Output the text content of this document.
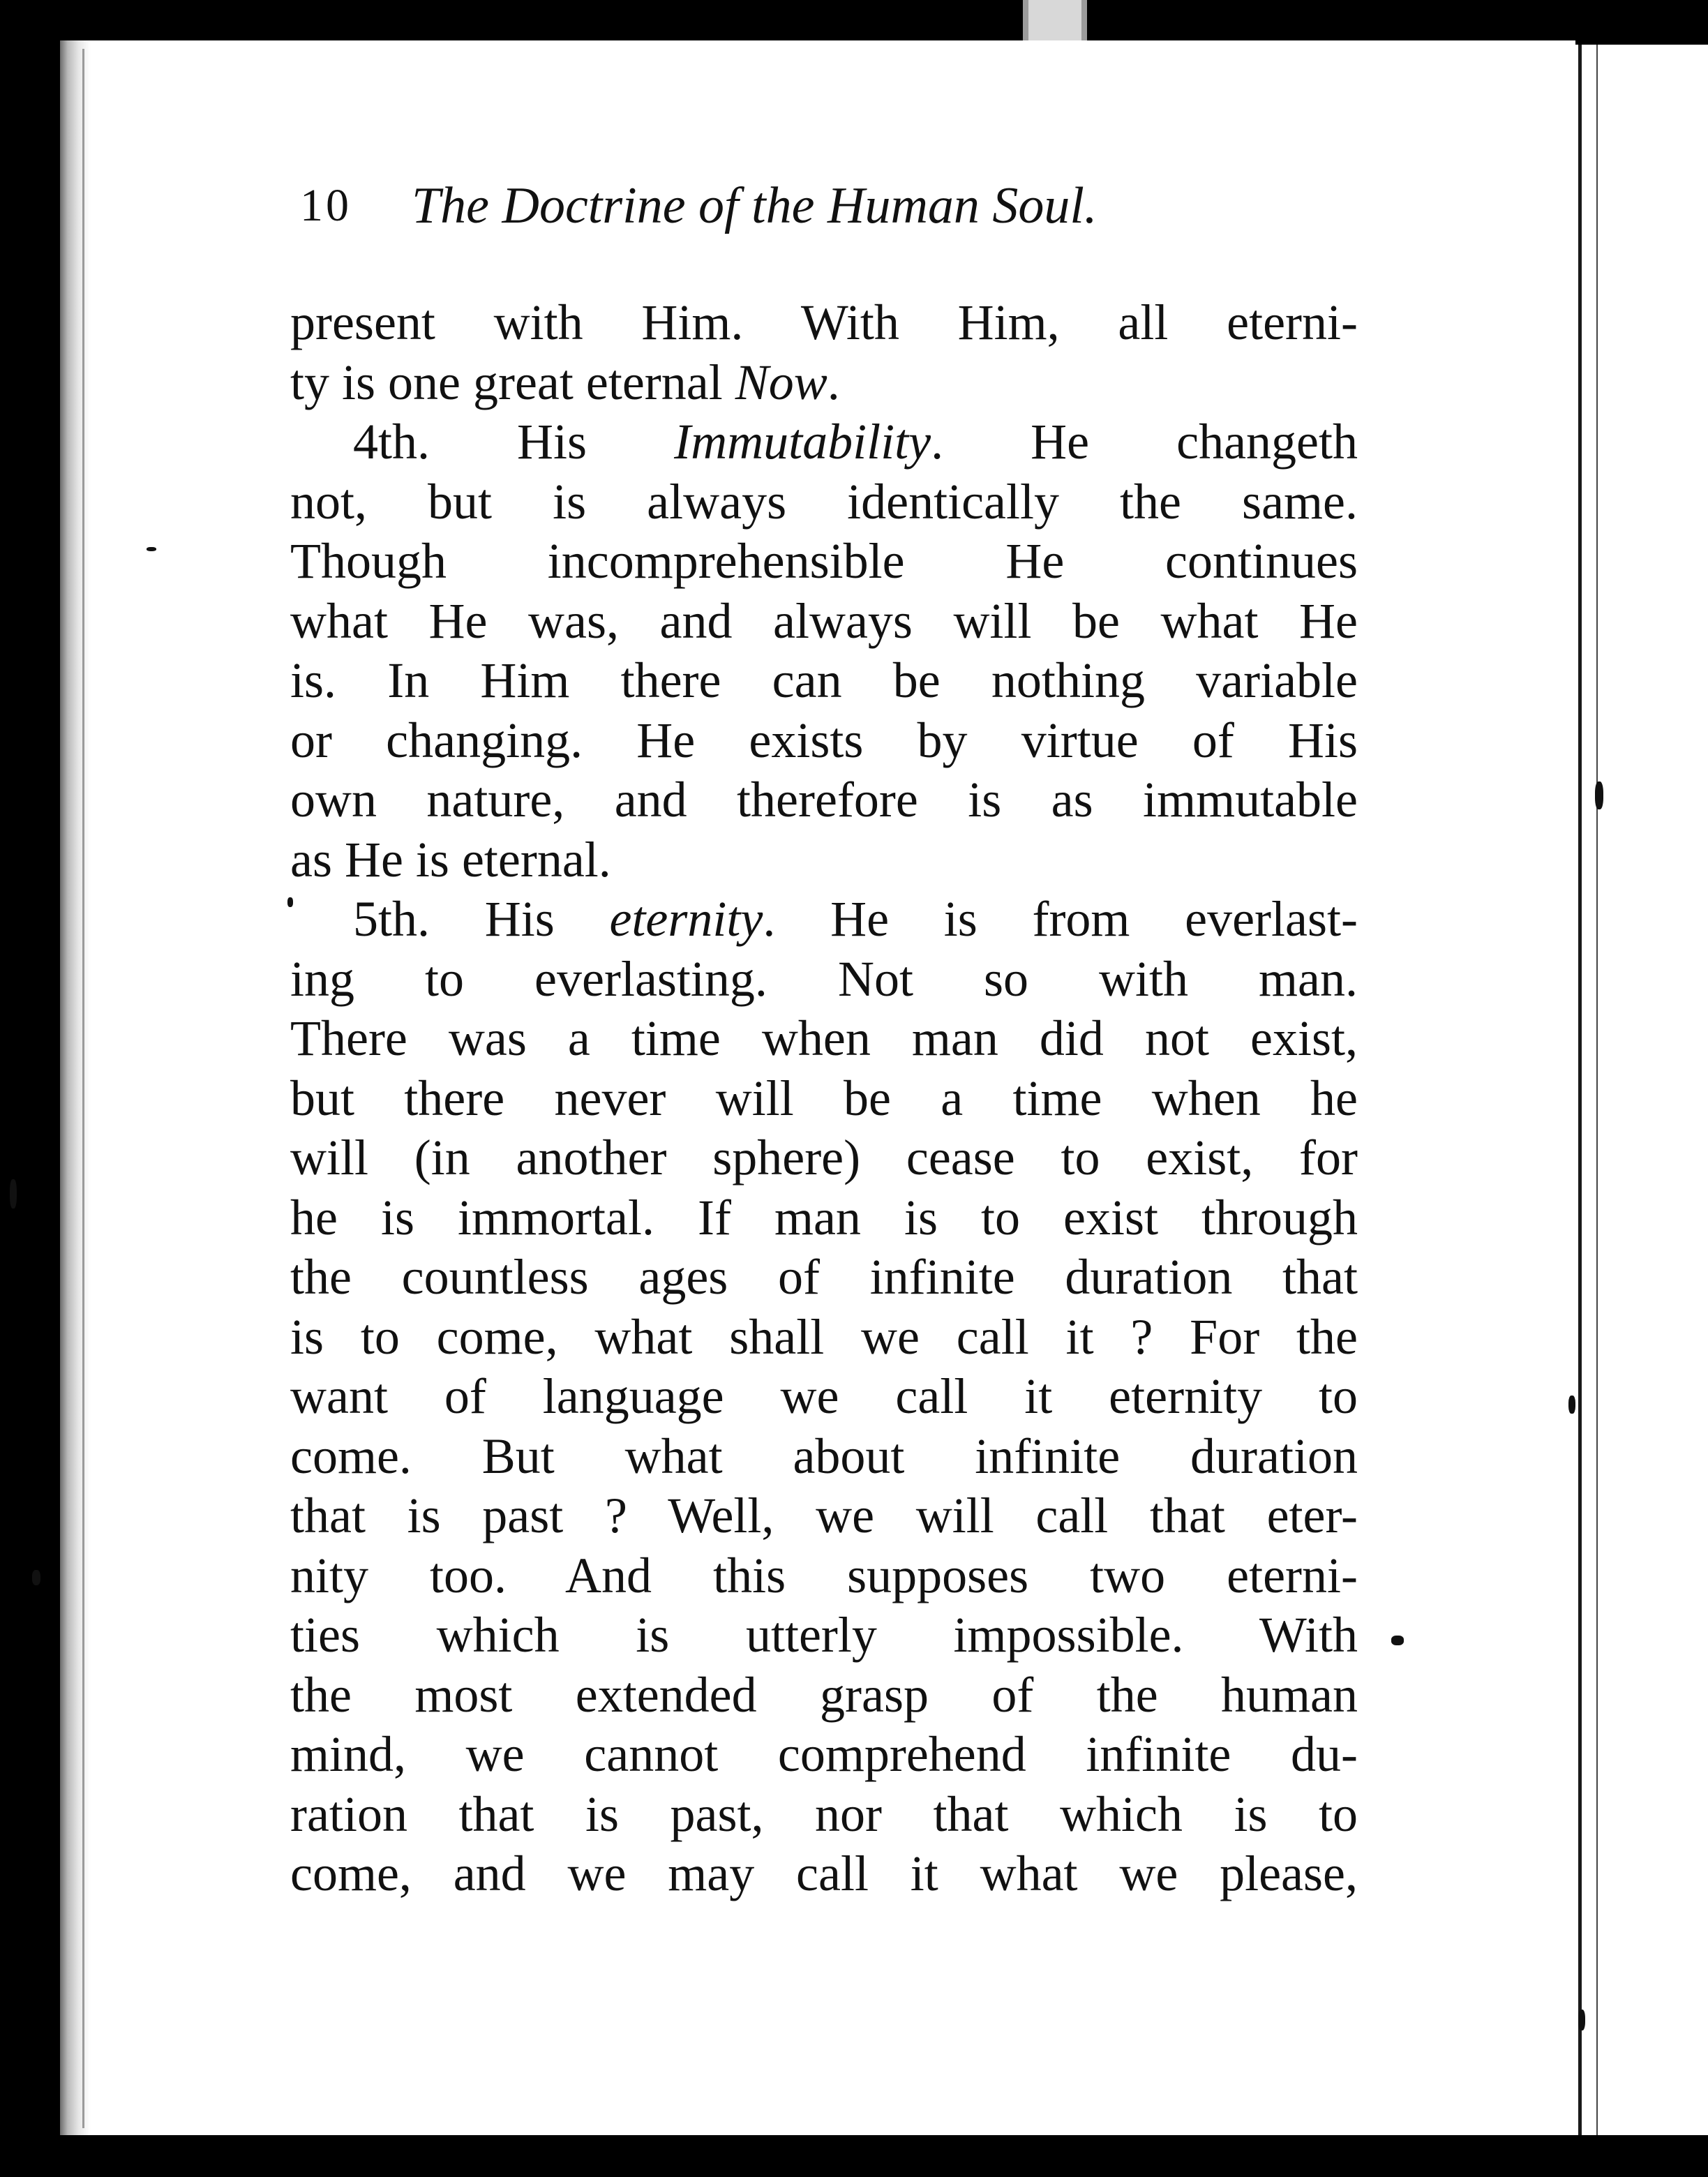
10 The Doctrine of the Human Soul.
present with Him. With Him, all eterni-
ty is one great eternal Now.
4th. His Immutability. He changeth
not, but is always identically the same.
Though incomprehensible He continues
what He was, and always will be what He
is. In Him there can be nothing variable
or changing. He exists by virtue of His
own nature, and therefore is as immutable
as He is eternal.
5th. His eternity. He is from everlast-
ing to everlasting. Not so with man.
There was a time when man did not exist,
but there never will be a time when he
will (in another sphere) cease to exist, for
he is immortal. If man is to exist through
the countless ages of infinite duration that
is to come, what shall we call it ? For the
want of language we call it eternity to
come. But what about infinite duration
that is past ? Well, we will call that eter-
nity too. And this supposes two eterni-
ties which is utterly impossible. With
the most extended grasp of the human
mind, we cannot comprehend infinite du-
ration that is past, nor that which is to
come, and we may call it what we please,
